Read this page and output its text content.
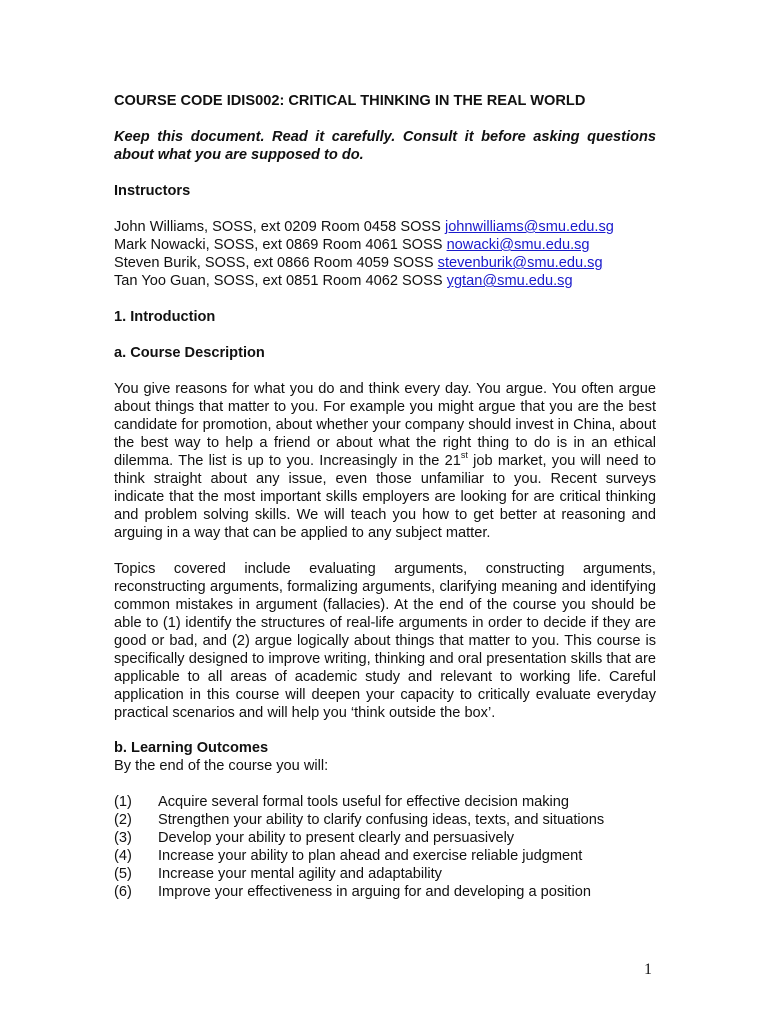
COURSE CODE IDIS002: CRITICAL THINKING IN THE REAL WORLD
Keep this document. Read it carefully. Consult it before asking questions about what you are supposed to do.
Instructors
John Williams, SOSS, ext 0209 Room 0458 SOSS johnwilliams@smu.edu.sg
Mark Nowacki, SOSS, ext 0869 Room 4061 SOSS nowacki@smu.edu.sg
Steven Burik, SOSS, ext 0866 Room 4059 SOSS stevenburik@smu.edu.sg
Tan Yoo Guan, SOSS, ext 0851 Room 4062 SOSS ygtan@smu.edu.sg
1. Introduction
a. Course Description

You give reasons for what you do and think every day. You argue. You often argue about things that matter to you. For example you might argue that you are the best candidate for promotion, about whether your company should invest in China, about the best way to help a friend or about what the right thing to do is in an ethical dilemma. The list is up to you. Increasingly in the 21st job market, you will need to think straight about any issue, even those unfamiliar to you. Recent surveys indicate that the most important skills employers are looking for are critical thinking and problem solving skills. We will teach you how to get better at reasoning and arguing in a way that can be applied to any subject matter.

Topics covered include evaluating arguments, constructing arguments, reconstructing arguments, formalizing arguments, clarifying meaning and identifying common mistakes in argument (fallacies). At the end of the course you should be able to (1) identify the structures of real-life arguments in order to decide if they are good or bad, and (2) argue logically about things that matter to you. This course is specifically designed to improve writing, thinking and oral presentation skills that are applicable to all areas of academic study and relevant to working life. Careful application in this course will deepen your capacity to critically evaluate everyday practical scenarios and will help you ‘think outside the box’.

b. Learning Outcomes
By the end of the course you will:
(1)	Acquire several formal tools useful for effective decision making
(2)	Strengthen your ability to clarify confusing ideas, texts, and situations
(3)	Develop your ability to present clearly and persuasively
(4)	Increase your ability to plan ahead and exercise reliable judgment
(5)	Increase your mental agility and adaptability
(6)	Improve your effectiveness in arguing for and developing a position
1
